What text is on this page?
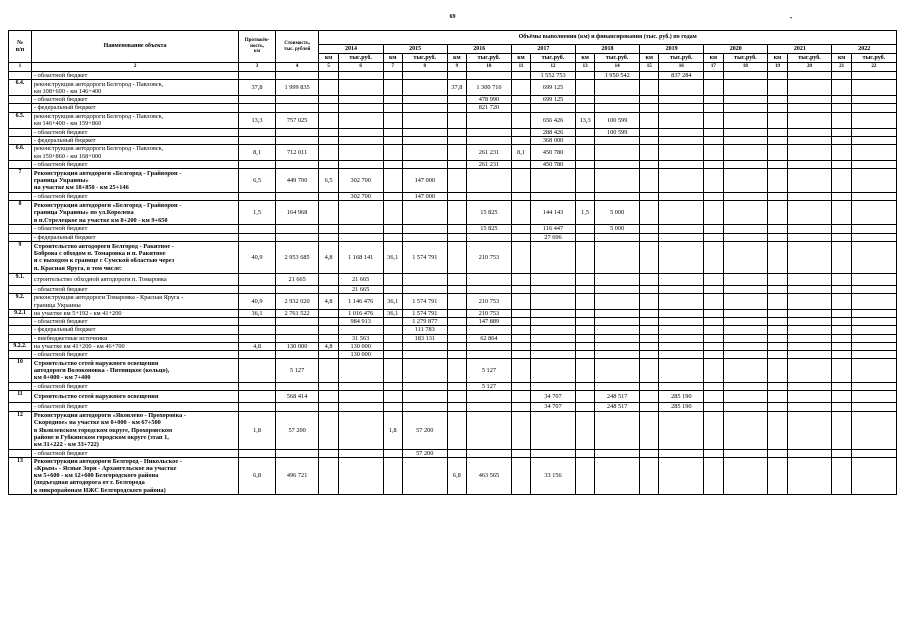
69	•
№
п/п	Наименование объекта	Протяжён-
ность,
км	Стоимость,
тыс. рублей	Объёмы выполнения (км) и финансирования (тыс. руб.) по годам																	
				2014		2015		2016		2017		2018		2019		2020		2021		2022	
				км	тыс.руб.	км	тыс.руб.	км	тыс.руб.	км	тыс.руб.	км	тыс.руб.	км	тыс.руб.	км	тыс.руб.	км	тыс.руб.	км	тыс.руб.
1	2	3	4	5	6	7	8	9	10	11	12	13	14	15	16	17	18	19	20	21	22
	- областной бюджет										1 552 753		1 950 542		837 284						
6.4.	реконструкция автодороги Белгород - Павловск,
км 108+600 - км 146+400	37,8	1 999 835					37,8	1 300 710		699 125										
	- областной бюджет								478 990		699 125										
	- федеральный бюджет								821 720												
6.5.	реконструкция автодороги Белгород - Павловск,
км 146+400 - км 159+860	13,3	757 025								656 426	13,3	100 599								
	- областной бюджет										288 426		100 599								
	- федеральный бюджет										368 000										
6.6.	реконструкция автодороги Белгород - Павловск,
км 159+860 - км 168+000	8,1	712 011						261 231	8,1	450 780										
	- областной бюджет								261 231		450 780										
7	Реконструкция автодороги «Белгород - Грайворон -
граница Украины»
на участке км 18+850 - км 25+146	6,5	449 700	6,5	302 700		147 000														
	- областной бюджет				302 700		147 000														
8	Реконструкция автодороги «Белгород - Грайворон -
граница Украины» по ул.Королева
в п.Стрелецкое на участке км 8+200 - км 9+650	1,5	164 968						15 825		144 143	1,5	5 000								
	- областной бюджет								15 825		116 447		5 000								
	- федеральный бюджет										27 696										
9	Строительство автодороги Белгород - Ракитное -
Боброва с обходом п. Томаровка и п. Ракитное
и с выходом к границе с Сумской областью через
п. Красная Яруга, в том числе:	40,9	2 953 685	4,8	1 168 141	36,1	1 574 791		210 753												
9.1.	строительство обходной автодороги п. Томаровка		21 665		21 665																
	- областной бюджет				21 665																
9.2.	реконструкция автодороги Томаровка - Красная Яруга -
граница Украины	40,9	2 932 020	4,8	1 146 476	36,1	1 574 791		210 753												
9.2.1	на участке км 5+192 - км 41+200	36,1	2 761 522		1 016 476	36,1	1 574 791		210 753												
	- областной бюджет				984 913		1 279 877		147 889												
	- федеральный бюджет						111 783														
	- внебюджетные источники				31 563		183 131		62 864												
9.2.2.	на участке км 41+200 - км 46+700	4,8	130 000	4,8	130 000																
	- областной бюджет				130 000																
10	Строительство сетей наружного освещения
автодороги Волоконовка - Пятницкое (кольцо),
км 0+000 - км 7+400		5 127						5 127												
	- областной бюджет								5 127												
11	Строительство сетей наружного освещения		568 414								34 707		248 517		285 190						
	- областной бюджет										34 707		248 517		285 190						
12	Реконструкция автодороги «Яковлево - Прохоровка -
Скородное» на участке км 0+000 - км 67+500
в Яковлевском городском округе, Прохоровском
районе и Губкинском городском округе (этап 1,
км 31+222 - км 33+722)	1,8	57 200			1,8	57 200														
	- областной бюджет						57 200														
13	Реконструкция автодороги Белгород - Никольское -
«Крым» - Ясные Зори - Архангельское на участке
км 5+600 - км 12+600 Белгородского района
(подъездная автодорога от г. Белгорода
к микрорайонам ИЖС Белгородского района)	6,8	496 721					6,8	463 565		33 156										
